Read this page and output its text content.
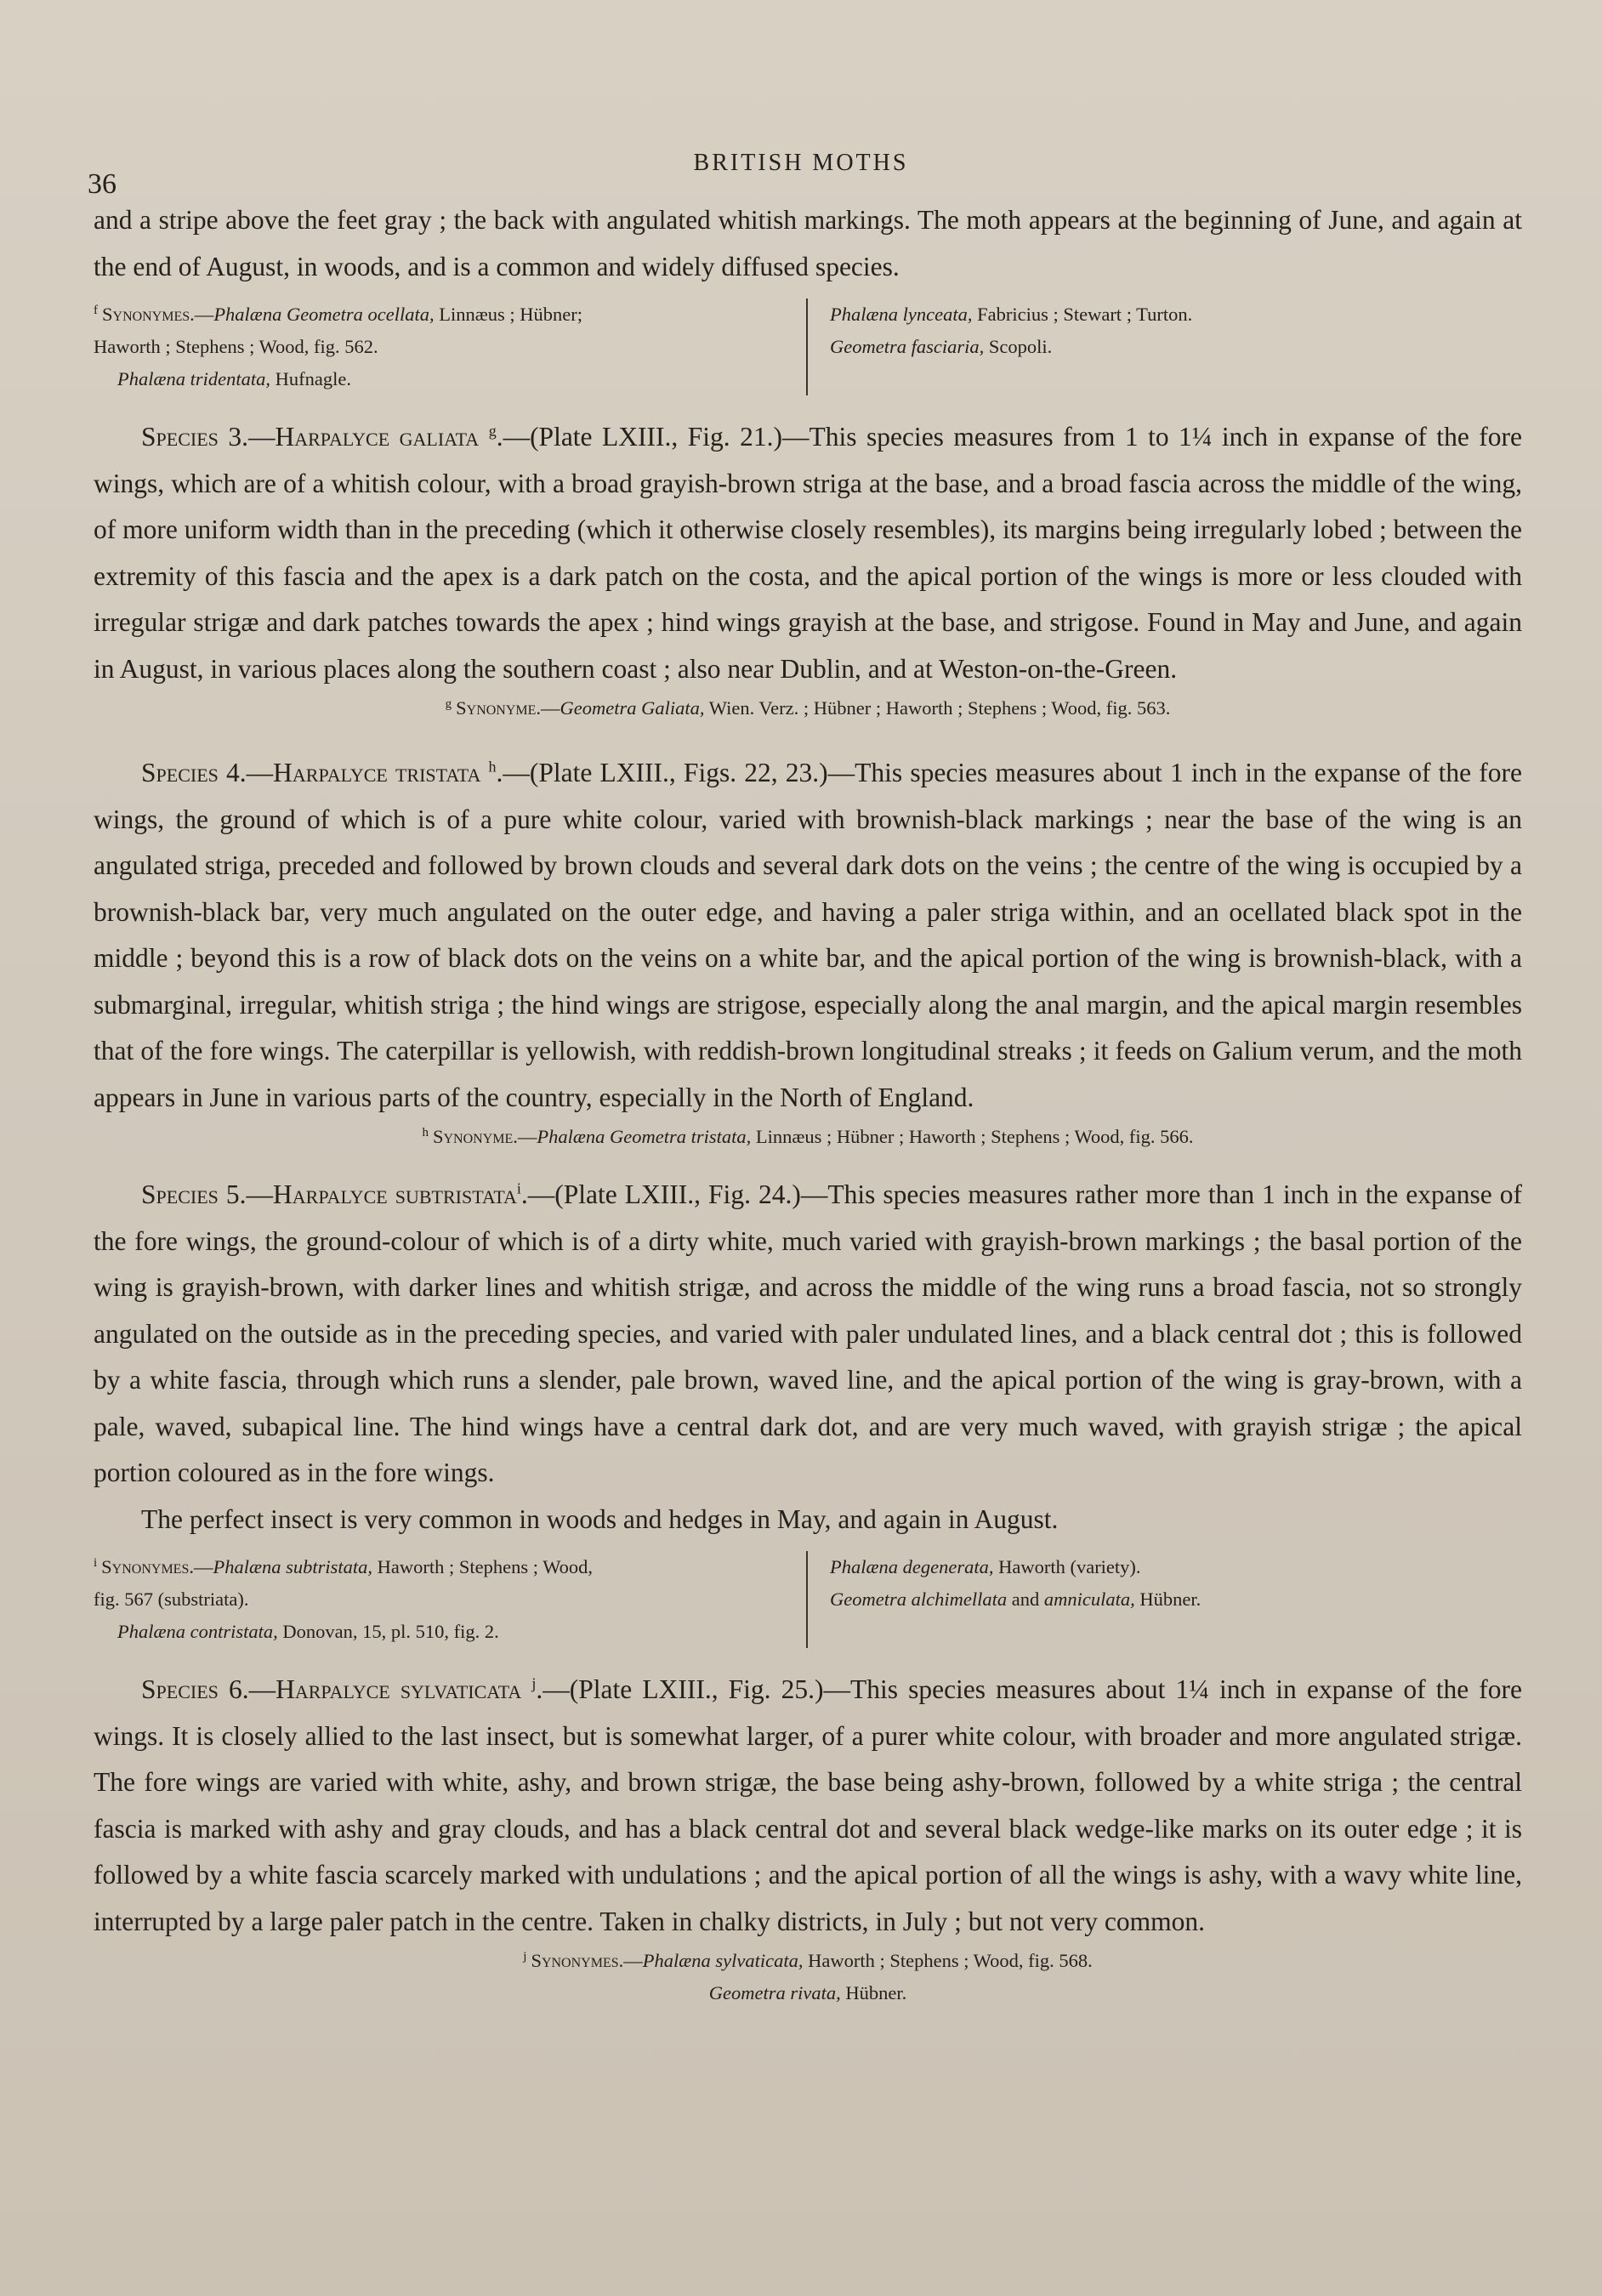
36
BRITISH MOTHS

and a stripe above the feet gray ; the back with angulated whitish markings. The moth appears at the beginning of June, and again at the end of August, in woods, and is a common and widely diffused species.

$^f$ Synonymes.—Phalæna Geometra ocellata, Linnæus ; Hübner;
Haworth ; Stephens ; Wood, fig. 562.
Phalæna tridentata, Hufnagle.
Phalæna lynceata, Fabricius ; Stewart ; Turton.
Geometra fasciaria, Scopoli.

Species 3.—Harpalyce galiata $^g$.—(Plate LXIII., Fig. 21.)—This species measures from 1 to 1¼ inch in expanse of the fore wings, which are of a whitish colour, with a broad grayish-brown striga at the base, and a broad fascia across the middle of the wing, of more uniform width than in the preceding (which it otherwise closely resembles), its margins being irregularly lobed ; between the extremity of this fascia and the apex is a dark patch on the costa, and the apical portion of the wings is more or less clouded with irregular strigæ and dark patches towards the apex ; hind wings grayish at the base, and strigose. Found in May and June, and again in August, in various places along the southern coast ; also near Dublin, and at Weston-on-the-Green.

$^g$ Synonyme.—Geometra Galiata, Wien. Verz. ; Hübner ; Haworth ; Stephens ; Wood, fig. 563.

Species 4.—Harpalyce tristata $^h$.—(Plate LXIII., Figs. 22, 23.)—This species measures about 1 inch in the expanse of the fore wings, the ground of which is of a pure white colour, varied with brownish-black markings ; near the base of the wing is an angulated striga, preceded and followed by brown clouds and several dark dots on the veins ; the centre of the wing is occupied by a brownish-black bar, very much angulated on the outer edge, and having a paler striga within, and an ocellated black spot in the middle ; beyond this is a row of black dots on the veins on a white bar, and the apical portion of the wing is brownish-black, with a submarginal, irregular, whitish striga ; the hind wings are strigose, especially along the anal margin, and the apical margin resembles that of the fore wings. The caterpillar is yellowish, with reddish-brown longitudinal streaks ; it feeds on Galium verum, and the moth appears in June in various parts of the country, especially in the North of England.

$^h$ Synonyme.—Phalæna Geometra tristata, Linnæus ; Hübner ; Haworth ; Stephens ; Wood, fig. 566.

Species 5.—Harpalyce subtristata$^i$.—(Plate LXIII., Fig. 24.)—This species measures rather more than 1 inch in the expanse of the fore wings, the ground-colour of which is of a dirty white, much varied with grayish-brown markings ; the basal portion of the wing is grayish-brown, with darker lines and whitish strigæ, and across the middle of the wing runs a broad fascia, not so strongly angulated on the outside as in the preceding species, and varied with paler undulated lines, and a black central dot ; this is followed by a white fascia, through which runs a slender, pale brown, waved line, and the apical portion of the wing is gray-brown, with a pale, waved, subapical line. The hind wings have a central dark dot, and are very much waved, with grayish strigæ ; the apical portion coloured as in the fore wings.

The perfect insect is very common in woods and hedges in May, and again in August.

$^i$ Synonymes.—Phalæna subtristata, Haworth ; Stephens ; Wood,
fig. 567 (substriata).
Phalæna contristata, Donovan, 15, pl. 510, fig. 2.
Phalæna degenerata, Haworth (variety).
Geometra alchimellata and amniculata, Hübner.

Species 6.—Harpalyce sylvaticata $^j$.—(Plate LXIII., Fig. 25.)—This species measures about 1¼ inch in expanse of the fore wings. It is closely allied to the last insect, but is somewhat larger, of a purer white colour, with broader and more angulated strigæ. The fore wings are varied with white, ashy, and brown strigæ, the base being ashy-brown, followed by a white striga ; the central fascia is marked with ashy and gray clouds, and has a black central dot and several black wedge-like marks on its outer edge ; it is followed by a white fascia scarcely marked with undulations ; and the apical portion of all the wings is ashy, with a wavy white line, interrupted by a large paler patch in the centre. Taken in chalky districts, in July ; but not very common.

$^j$ Synonymes.—Phalæna sylvaticata, Haworth ; Stephens ; Wood, fig. 568.
Geometra rivata, Hübner.
